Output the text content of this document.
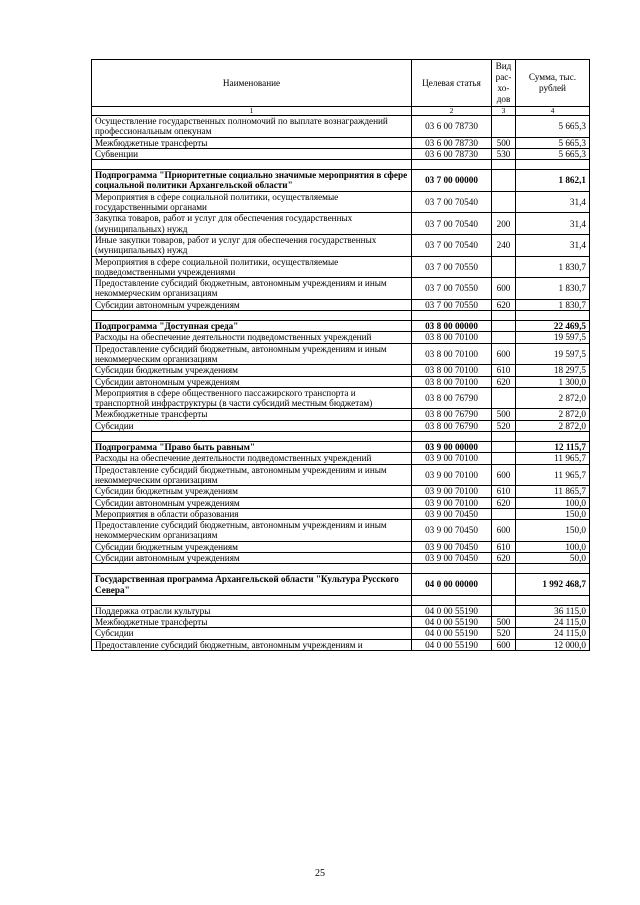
Наименование	Целевая статья	Вид рас-хо-дов	Сумма, тыс. рублей
1	2	3	4
Осуществление государственных полномочий по выплате вознаграждений профессиональным опекунам	03 6 00 78730		5 665,3
Межбюджетные трансферты	03 6 00 78730	500	5 665,3
Субвенции	03 6 00 78730	530	5 665,3

Подпрограмма "Приоритетные социально значимые мероприятия в сфере социальной политики Архангельской области"	03 7 00 00000		1 862,1
Мероприятия в сфере социальной политики, осуществляемые государственными органами	03 7 00 70540		31,4
Закупка товаров, работ и услуг для обеспечения государственных (муниципальных) нужд	03 7 00 70540	200	31,4
Иные закупки товаров, работ и услуг для обеспечения государственных (муниципальных) нужд	03 7 00 70540	240	31,4
Мероприятия в сфере социальной политики, осуществляемые подведомственными учреждениями	03 7 00 70550		1 830,7
Предоставление субсидий бюджетным, автономным учреждениям и иным некоммерческим организациям	03 7 00 70550	600	1 830,7
Субсидии автономным учреждениям	03 7 00 70550	620	1 830,7

Подпрограмма "Доступная среда"	03 8 00 00000		22 469,5
Расходы на обеспечение деятельности подведомственных учреждений	03 8 00 70100		19 597,5
Предоставление субсидий бюджетным, автономным учреждениям и иным некоммерческим организациям	03 8 00 70100	600	19 597,5
Субсидии бюджетным учреждениям	03 8 00 70100	610	18 297,5
Субсидии автономным учреждениям	03 8 00 70100	620	1 300,0
Мероприятия в сфере общественного пассажирского транспорта и транспортной инфраструктуры (в части субсидий местным бюджетам)	03 8 00 76790		2 872,0
Межбюджетные трансферты	03 8 00 76790	500	2 872,0
Субсидии	03 8 00 76790	520	2 872,0

Подпрограмма "Право быть равным"	03 9 00 00000		12 115,7
Расходы на обеспечение деятельности подведомственных учреждений	03 9 00 70100		11 965,7
Предоставление субсидий бюджетным, автономным учреждениям и иным некоммерческим организациям	03 9 00 70100	600	11 965,7
Субсидии бюджетным учреждениям	03 9 00 70100	610	11 865,7
Субсидии автономным учреждениям	03 9 00 70100	620	100,0
Мероприятия в области образования	03 9 00 70450		150,0
Предоставление субсидий бюджетным, автономным учреждениям и иным некоммерческим организациям	03 9 00 70450	600	150,0
Субсидии бюджетным учреждениям	03 9 00 70450	610	100,0
Субсидии автономным учреждениям	03 9 00 70450	620	50,0

Государственная программа Архангельской области "Культура Русского Севера"	04 0 00 00000		1 992 468,7

Поддержка отрасли культуры	04 0 00 55190		36 115,0
Межбюджетные трансферты	04 0 00 55190	500	24 115,0
Субсидии	04 0 00 55190	520	24 115,0
Предоставление субсидий бюджетным, автономным учреждениям и	04 0 00 55190	600	12 000,0
25
